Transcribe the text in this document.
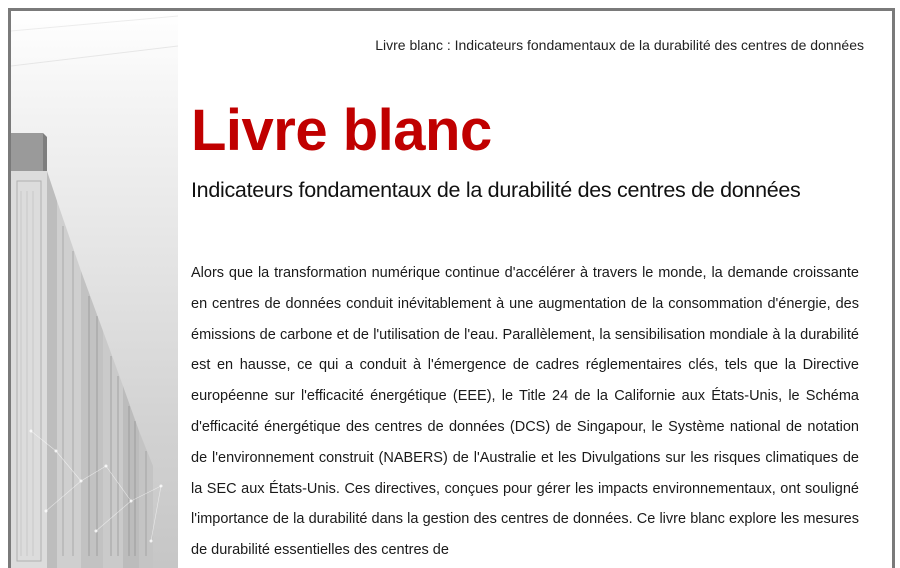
Livre blanc : Indicateurs fondamentaux de la durabilité des centres de données
Livre blanc
Indicateurs fondamentaux de la durabilité des centres de données

Alors que la transformation numérique continue d'accélérer à travers le monde, la demande croissante en centres de données conduit inévitablement à une augmentation de la consommation d'énergie, des émissions de carbone et de l'utilisation de l'eau. Parallèlement, la sensibilisation mondiale à la durabilité est en hausse, ce qui a conduit à l'émergence de cadres réglementaires clés, tels que la Directive européenne sur l'efficacité énergétique (EEE), le Title 24 de la Californie aux États-Unis, le Schéma d'efficacité énergétique des centres de données (DCS) de Singapour, le Système national de notation de l'environnement construit (NABERS) de l'Australie et les Divulgations sur les risques climatiques de la SEC aux États-Unis. Ces directives, conçues pour gérer les impacts environnementaux, ont souligné l'importance de la durabilité dans la gestion des centres de données. Ce livre blanc explore les mesures de durabilité essentielles des centres de
